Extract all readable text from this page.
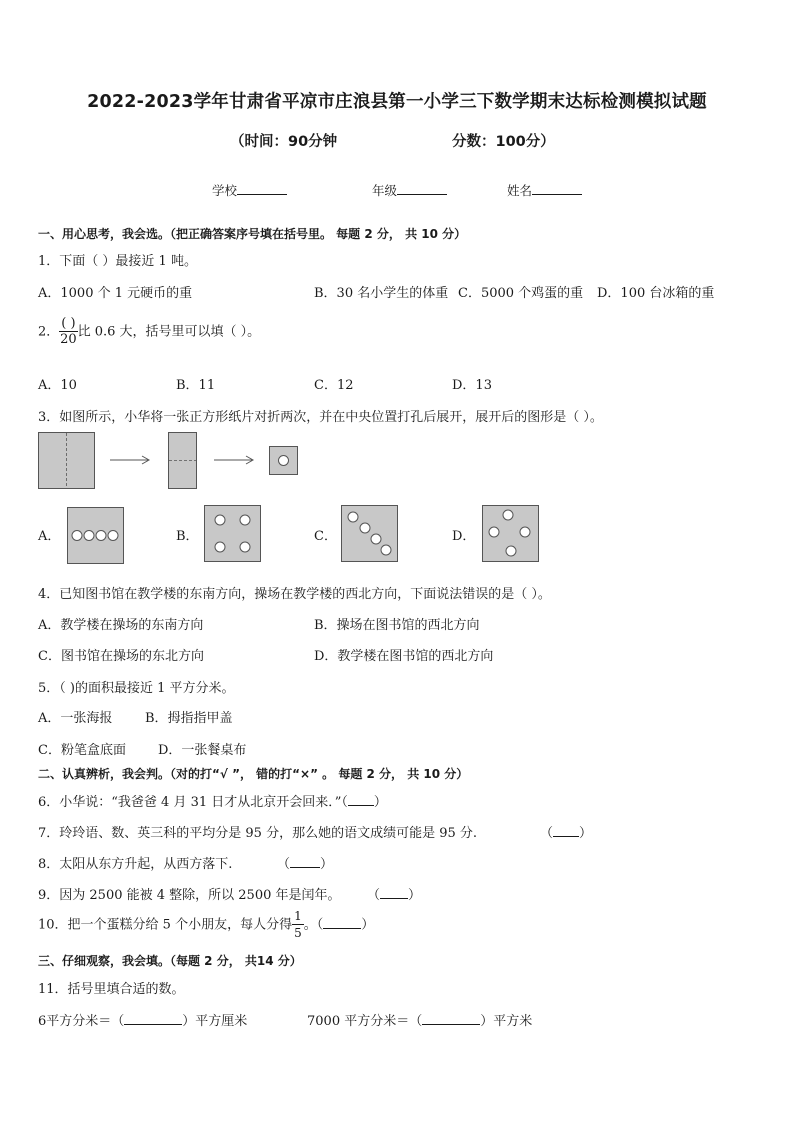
2022-2023学年甘肃省平凉市庄浪县第一小学三下数学期末达标检测模拟试题
（时间：90分钟	分数：100分）
学校	年级	姓名
一、用心思考，我会选。（把正确答案序号填在括号里。 每题 2 分， 共 10 分）
1．下面（ ）最接近 1 吨。
A．1000 个 1 元硬币的重	B．30 名小学生的体重 C．5000 个鸡蛋的重 D．100 台冰箱的重
2． $\frac{( )}{20}$ 比 0.6 大，括号里可以填（ ）。
A．10	B．11	C．12	D．13
3．如图所示，小华将一张正方形纸片对折两次，并在中央位置打孔后展开，展开后的图形是（ ）。
A．	B．	C．	D．
4．已知图书馆在教学楼的东南方向，操场在教学楼的西北方向，下面说法错误的是（ ）。
A．教学楼在操场的东南方向	B．操场在图书馆的西北方向
C．图书馆在操场的东北方向	D．教学楼在图书馆的西北方向
5．（ )的面积最接近 1 平方分米。
A．一张海报	B．拇指指甲盖
C．粉笔盒底面 D．一张餐桌布
二、认真辨析，我会判。（对的打“√ ”， 错的打“×” 。 每题 2 分， 共 10 分）
6．小华说：“我爸爸 4 月 31 日才从北京开会回来．”（ ）
7．玲玲语、数、英三科的平均分是 95 分，那么她的语文成绩可能是 95 分.	（ ）
8．太阳从东方升起，从西方落下.	（ ）
9．因为 2500 能被 4 整除，所以 2500 年是闰年。 （ ）
10．把一个蛋糕分给 5 个小朋友，每人分得 $\frac{1}{5}$ 。（	）
三、仔细观察，我会填。（每题 2 分， 共14 分）
11．括号里填合适的数。
6平方分米＝（	）平方厘米	7000 平方分米＝（	）平方米
